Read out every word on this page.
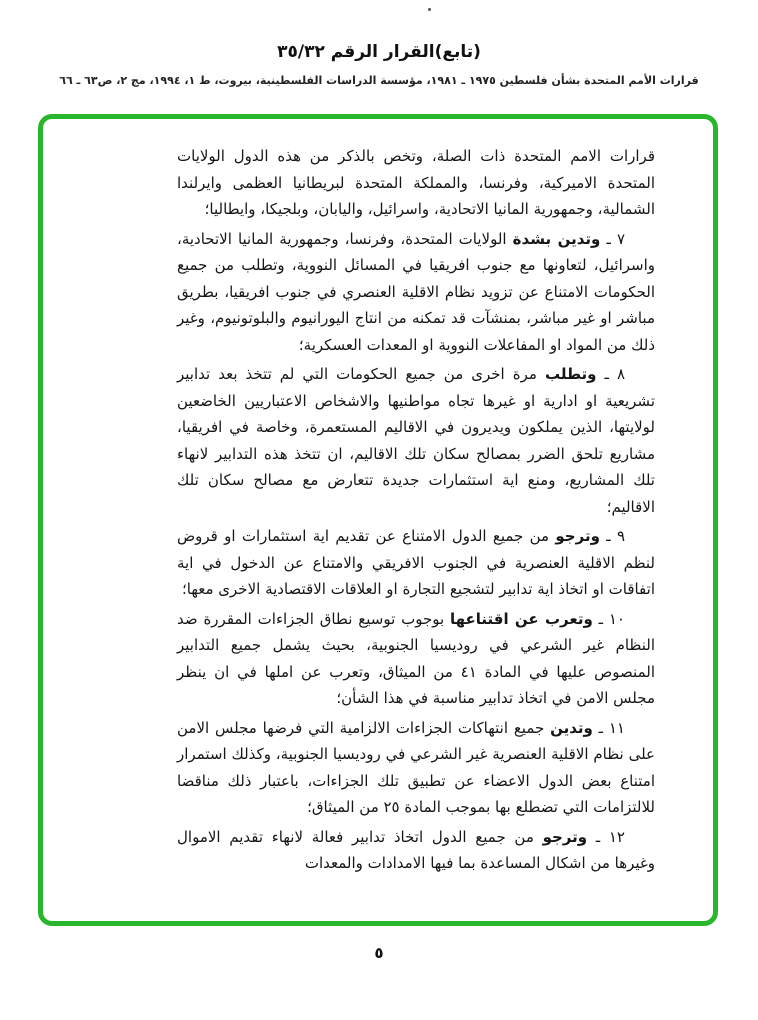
(تابع)القرار الرقم ٣٥/٣٢
قرارات الأمم المتحدة بشأن فلسطين ١٩٧٥ ـ ١٩٨١، مؤسسة الدراسات الفلسطينية، بيروت، ط ١، ١٩٩٤، مج ٢، ص٦٣ ـ ٦٦

قرارات الامم المتحدة ذات الصلة، وتخص بالذكر من هذه الدول الولايات المتحدة الاميركية، وفرنسا، والمملكة المتحدة لبريطانيا العظمى وايرلندا الشمالية، وجمهورية المانيا الاتحادية، واسرائيل، واليابان، وبلجيكا، وايطاليا؛

٧ ـ وتدين بشدة الولايات المتحدة، وفرنسا، وجمهورية المانيا الاتحادية، واسرائيل، لتعاونها مع جنوب افريقيا في المسائل النووية، وتطلب من جميع الحكومات الامتناع عن تزويد نظام الاقلية العنصري في جنوب افريقيا، بطريق مباشر او غير مباشر، بمنشآت قد تمكنه من انتاج اليورانيوم والبلوتونيوم، وغير ذلك من المواد او المفاعلات النووية او المعدات العسكرية؛

٨ ـ وتطلب مرة اخرى من جميع الحكومات التي لم تتخذ بعد تدابير تشريعية او ادارية او غيرها تجاه مواطنيها والاشخاص الاعتباريين الخاضعين لولايتها، الذين يملكون ويديرون في الاقاليم المستعمرة، وخاصة في افريقيا، مشاريع تلحق الضرر بمصالح سكان تلك الاقاليم، ان تتخذ هذه التدابير لانهاء تلك المشاريع، ومنع اية استثمارات جديدة تتعارض مع مصالح سكان تلك الاقاليم؛

٩ ـ وترجو من جميع الدول الامتناع عن تقديم اية استثمارات او قروض لنظم الاقلية العنصرية في الجنوب الافريقي والامتناع عن الدخول في اية اتفاقات او اتخاذ اية تدابير لتشجيع التجارة او العلاقات الاقتصادية الاخرى معها؛

١٠ ـ وتعرب عن اقتناعها بوجوب توسيع نطاق الجزاءات المقررة ضد النظام غير الشرعي في روديسيا الجنوبية، بحيث يشمل جميع التدابير المنصوص عليها في المادة ٤١ من الميثاق، وتعرب عن املها في ان ينظر مجلس الامن في اتخاذ تدابير مناسبة في هذا الشأن؛

١١ ـ وتدين جميع انتهاكات الجزاءات الالزامية التي فرضها مجلس الامن على نظام الاقلية العنصرية غير الشرعي في روديسيا الجنوبية، وكذلك استمرار امتناع بعض الدول الاعضاء عن تطبيق تلك الجزاءات، باعتبار ذلك مناقضا للالتزامات التي تضطلع بها بموجب المادة ٢٥ من الميثاق؛

١٢ ـ وترجو من جميع الدول اتخاذ تدابير فعالة لانهاء تقديم الاموال وغيرها من اشكال المساعدة بما فيها الامدادات والمعدات

٥
